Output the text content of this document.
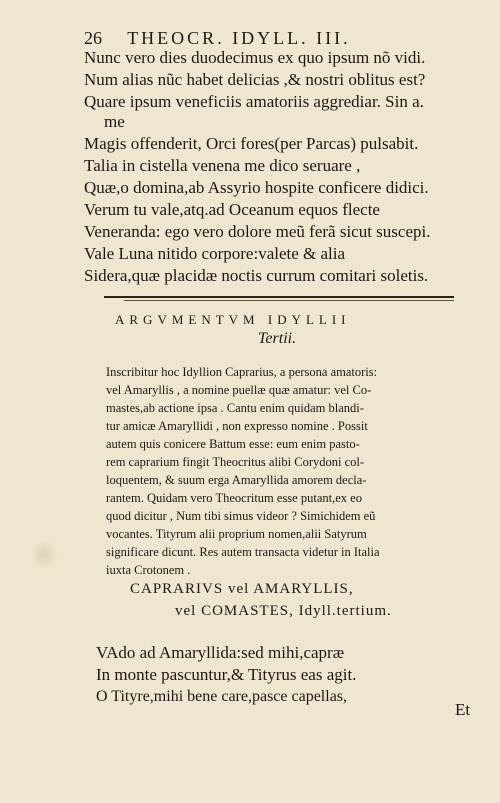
26 THEOCR. IDYLL. III.
Nunc vero dies duodecimus ex quo ipsum nõ vidi.
Num alias nũc habet delicias ,& nostri oblitus est?
Quare ipsum veneficiis amatoriis aggrediar. Sin a.
me
Magis offenderit, Orci fores(per Parcas) pulsabit.
Talia in cistella venena me dico seruare ,
Quæ,o domina,ab Assyrio hospite conficere didici.
Verum tu vale,atq.ad Oceanum equos flecte
Veneranda: ego vero dolore meũ ferã sicut suscepi.
Vale Luna nitido corpore:valete & alia
Sidera,quæ placidæ noctis currum comitari soletis.
ARGVMENTVM IDYLLII
Tertii.
Inscribitur hoc Idyllion Caprarius, a persona amatoris:
vel Amaryllis , a nomine puellæ quæ amatur: vel Co-
mastes,ab actione ipsa . Cantu enim quidam blandi-
tur amicæ Amaryllidi , non expresso nomine . Possit
autem quis conicere Battum esse: eum enim pasto-
rem caprarium fingit Theocritus alibi Corydoni col-
loquentem, & suum erga Amaryllida amorem decla-
rantem. Quidam vero Theocritum esse putant,ex eo
quod dicitur , Num tibi simus videor ? Simichidem eũ
vocantes. Tityrum alii proprium nomen,alii Satyrum
significare dicunt. Res autem transacta videtur in Italia
iuxta Crotonem .
CAPRARIVS vel AMARYLLIS,
vel COMASTES, Idyll.tertium.
VAdo ad Amaryllida:sed mihi,capræ
In monte pascuntur,& Tityrus eas agit.
O Tityre,mihi bene care,pasce capellas,
Et
